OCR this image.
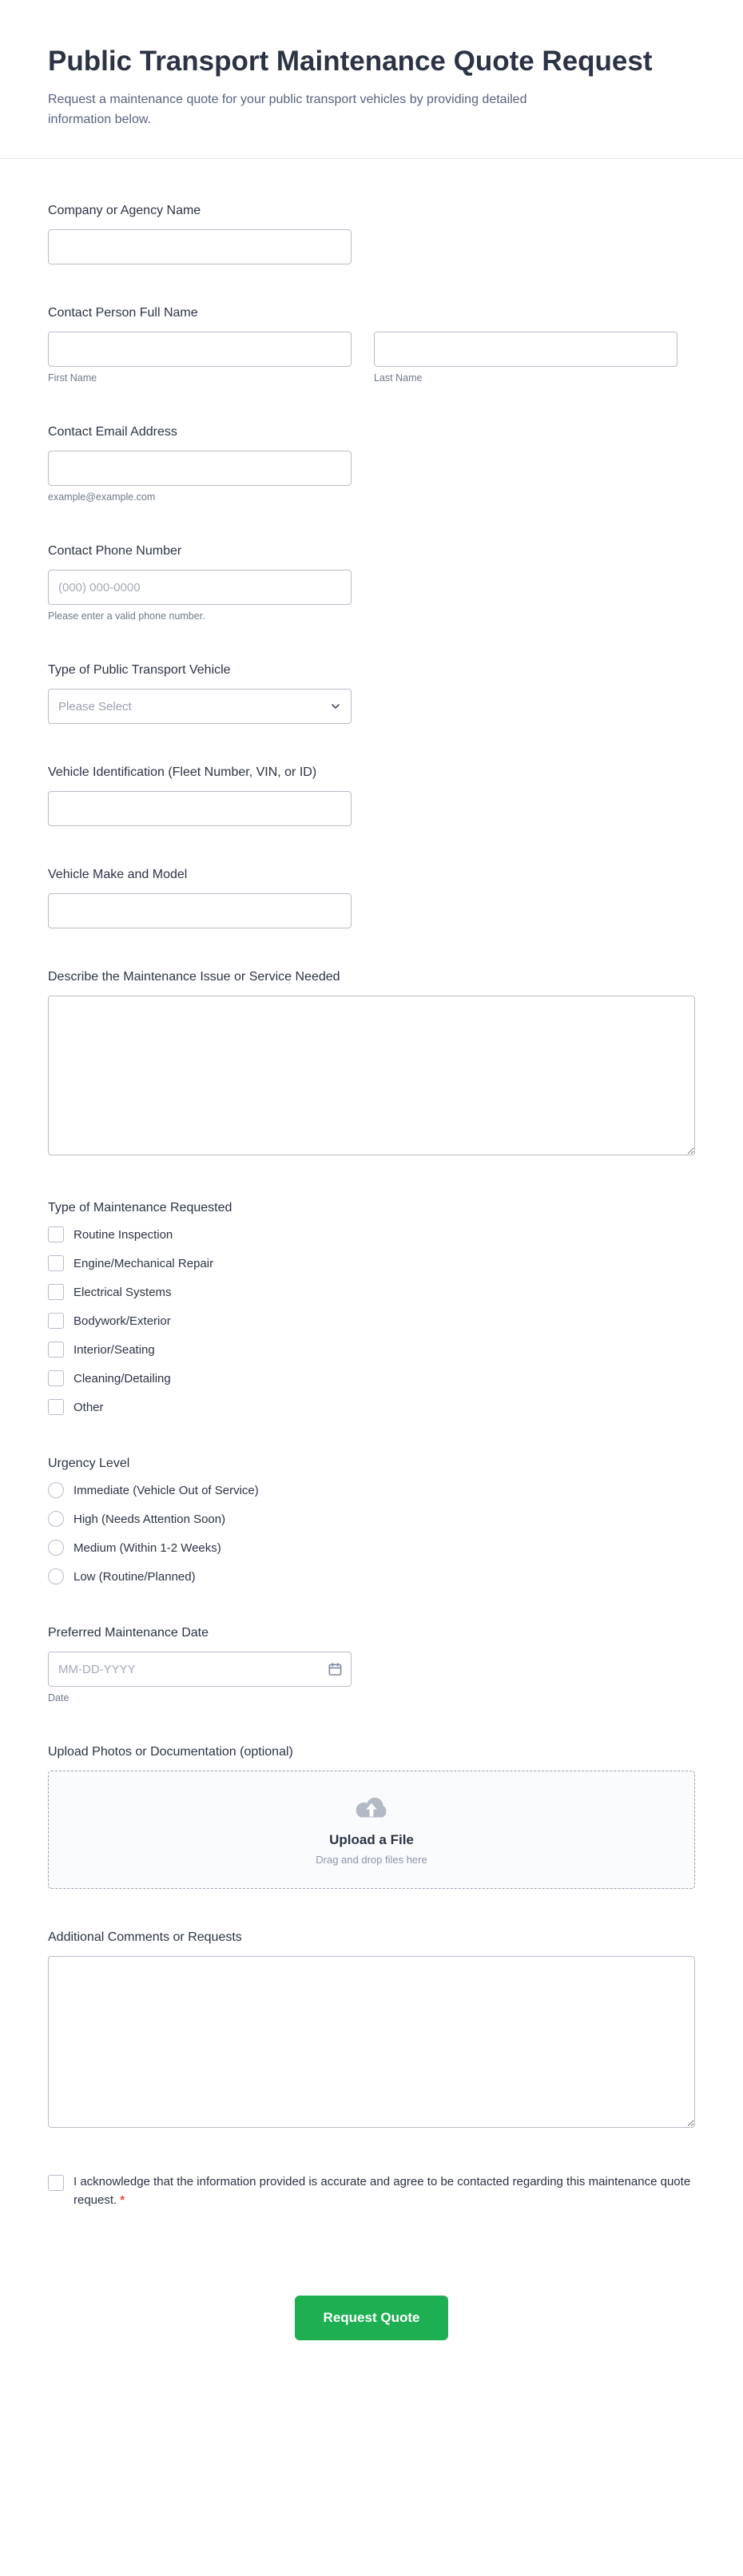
Public Transport Maintenance Quote Request

Request a maintenance quote for your public transport vehicles by providing detailed information below.

Company or Agency Name
Contact Person Full Name
First Name	Last Name
Contact Email Address
example@example.com
Contact Phone Number
(000) 000-0000
Please enter a valid phone number.
Type of Public Transport Vehicle
Please Select
Vehicle Identification (Fleet Number, VIN, or ID)
Vehicle Make and Model
Describe the Maintenance Issue or Service Needed
Type of Maintenance Requested
Routine Inspection
Engine/Mechanical Repair
Electrical Systems
Bodywork/Exterior
Interior/Seating
Cleaning/Detailing
Other
Urgency Level
Immediate (Vehicle Out of Service)
High (Needs Attention Soon)
Medium (Within 1-2 Weeks)
Low (Routine/Planned)
Preferred Maintenance Date
MM-DD-YYYY
Date
Upload Photos or Documentation (optional)
Upload a File
Drag and drop files here
Additional Comments or Requests
I acknowledge that the information provided is accurate and agree to be contacted regarding this maintenance quote request. *
Request Quote
